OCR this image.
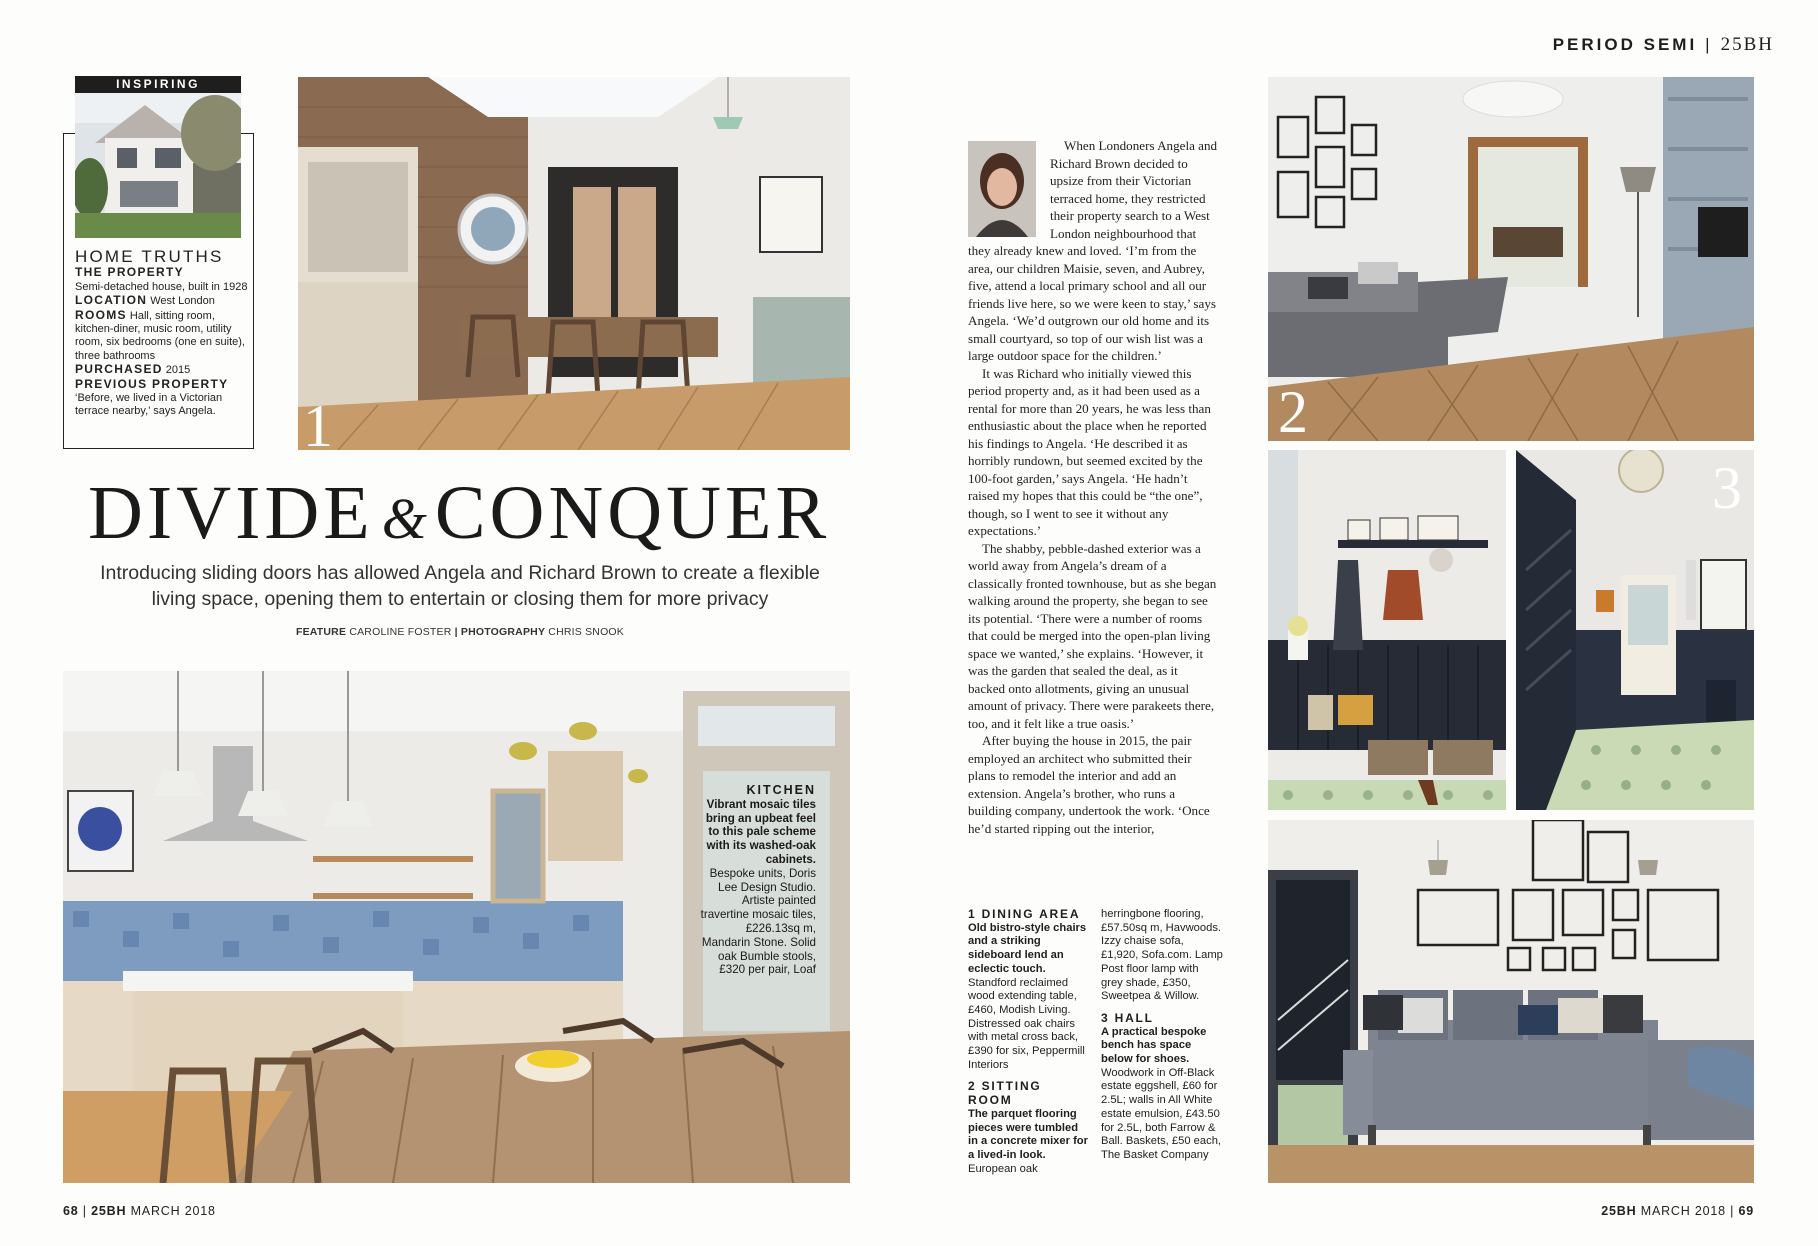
PERIOD SEMI | 25BH
INSPIRING
HOME TRUTHS
THE PROPERTY
Semi-detached house, built in 1928
LOCATION West London
ROOMS Hall, sitting room, kitchen-diner, music room, utility room, six bedrooms (one en suite), three bathrooms
PURCHASED 2015
PREVIOUS PROPERTY
‘Before, we lived in a Victorian terrace nearby,’ says Angela.	1
DIVIDE & CONQUER
Introducing sliding doors has allowed Angela and Richard Brown to create a flexible living space, opening them to entertain or closing them for more privacy
FEATURE CAROLINE FOSTER | PHOTOGRAPHY CHRIS SNOOK
KITCHEN
Vibrant mosaic tiles bring an upbeat feel to this pale scheme with its washed-oak cabinets.
Bespoke units, Doris Lee Design Studio. Artiste painted travertine mosaic tiles, £226.13sq m, Mandarin Stone. Solid oak Bumble stools, £320 per pair, Loaf

When Londoners Angela and Richard Brown decided to upsize from their Victorian terraced home, they restricted their property search to a West London neighbourhood that they already knew and loved. ‘I’m from the area, our children Maisie, seven, and Aubrey, five, attend a local primary school and all our friends live here, so we were keen to stay,’ says Angela. ‘We’d outgrown our old home and its small courtyard, so top of our wish list was a large outdoor space for the children.’

It was Richard who initially viewed this period property and, as it had been used as a rental for more than 20 years, he was less than enthusiastic about the place when he reported his findings to Angela. ‘He described it as horribly rundown, but seemed excited by the 100-foot garden,’ says Angela. ‘He hadn’t raised my hopes that this could be “the one”, though, so I went to see it without any expectations.’

The shabby, pebble-dashed exterior was a world away from Angela’s dream of a classically fronted townhouse, but as she began walking around the property, she began to see its potential. ‘There were a number of rooms that could be merged into the open-plan living space we wanted,’ she explains. ‘However, it was the garden that sealed the deal, as it backed onto allotments, giving an unusual amount of privacy. There were parakeets there, too, and it felt like a true oasis.’

After buying the house in 2015, the pair employed an architect who submitted their plans to remodel the interior and add an extension. Angela’s brother, who runs a building company, undertook the work. ‘Once he’d started ripping out the interior,

1 DINING AREA
Old bistro-style chairs and a striking sideboard lend an eclectic touch.
Standford reclaimed wood extending table, £460, Modish Living. Distressed oak chairs with metal cross back, £390 for six, Peppermill Interiors
2 SITTING ROOM
The parquet flooring pieces were tumbled in a concrete mixer for a lived-in look.
European oak
herringbone flooring, £57.50sq m, Havwoods. Izzy chaise sofa, £1,920, Sofa.com. Lamp Post floor lamp with grey shade, £350, Sweetpea & Willow.
3 HALL
A practical bespoke bench has space below for shoes.
Woodwork in Off-Black estate eggshell, £60 for 2.5L; walls in All White estate emulsion, £43.50 for 2.5L, both Farrow & Ball. Baskets, £50 each, The Basket Company
2
3
68 | 25BH MARCH 2018	25BH MARCH 2018 | 69
